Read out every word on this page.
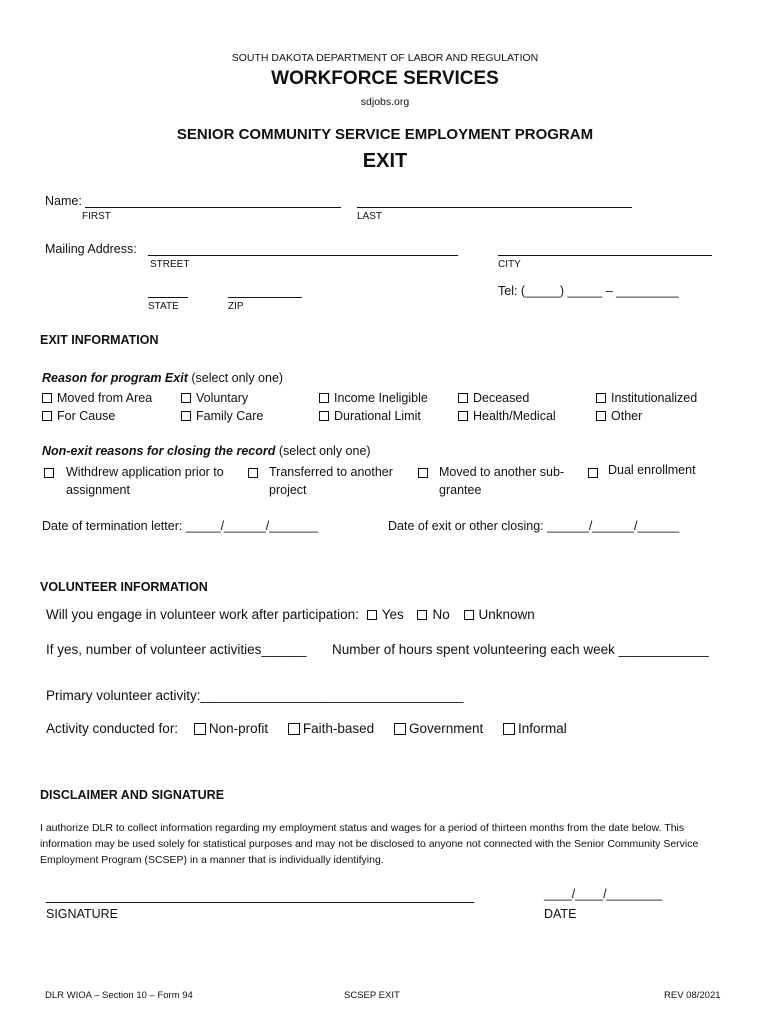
SOUTH DAKOTA DEPARTMENT OF LABOR AND REGULATION
WORKFORCE SERVICES
sdjobs.org
SENIOR COMMUNITY SERVICE EMPLOYMENT PROGRAM
EXIT
Name:
FIRST	LAST
Mailing Address:
STREET	CITY
STATE	ZIP
Tel: (_____) _____ – _________
EXIT INFORMATION
Reason for program Exit (select only one)
Moved from Area
For Cause
Voluntary
Family Care
Income Ineligible
Durational Limit
Deceased
Health/Medical
Institutionalized
Other
Non-exit reasons for closing the record (select only one)
Withdrew application prior to
assignment
Transferred to another
project
Moved to another sub-
grantee
Dual enrollment
Date of termination letter: _____/______/_______	Date of exit or other closing: ______/______/______
VOLUNTEER INFORMATION
Will you engage in volunteer work after participation: Yes No Unknown
If yes, number of volunteer activities______ Number of hours spent volunteering each week ____________
Primary volunteer activity:___________________________________
Activity conducted for: Non-profit	Faith-based	Government	Informal
DISCLAIMER AND SIGNATURE
I authorize DLR to collect information regarding my employment status and wages for a period of thirteen months from the date below. This information may be used solely for statistical purposes and may not be disclosed to anyone not connected with the Senior Community Service Employment Program (SCSEP) in a manner that is individually identifying.
SIGNATURE
____/____/________
DATE
DLR WIOA – Section 10 – Form 94	SCSEP EXIT	REV 08/2021
